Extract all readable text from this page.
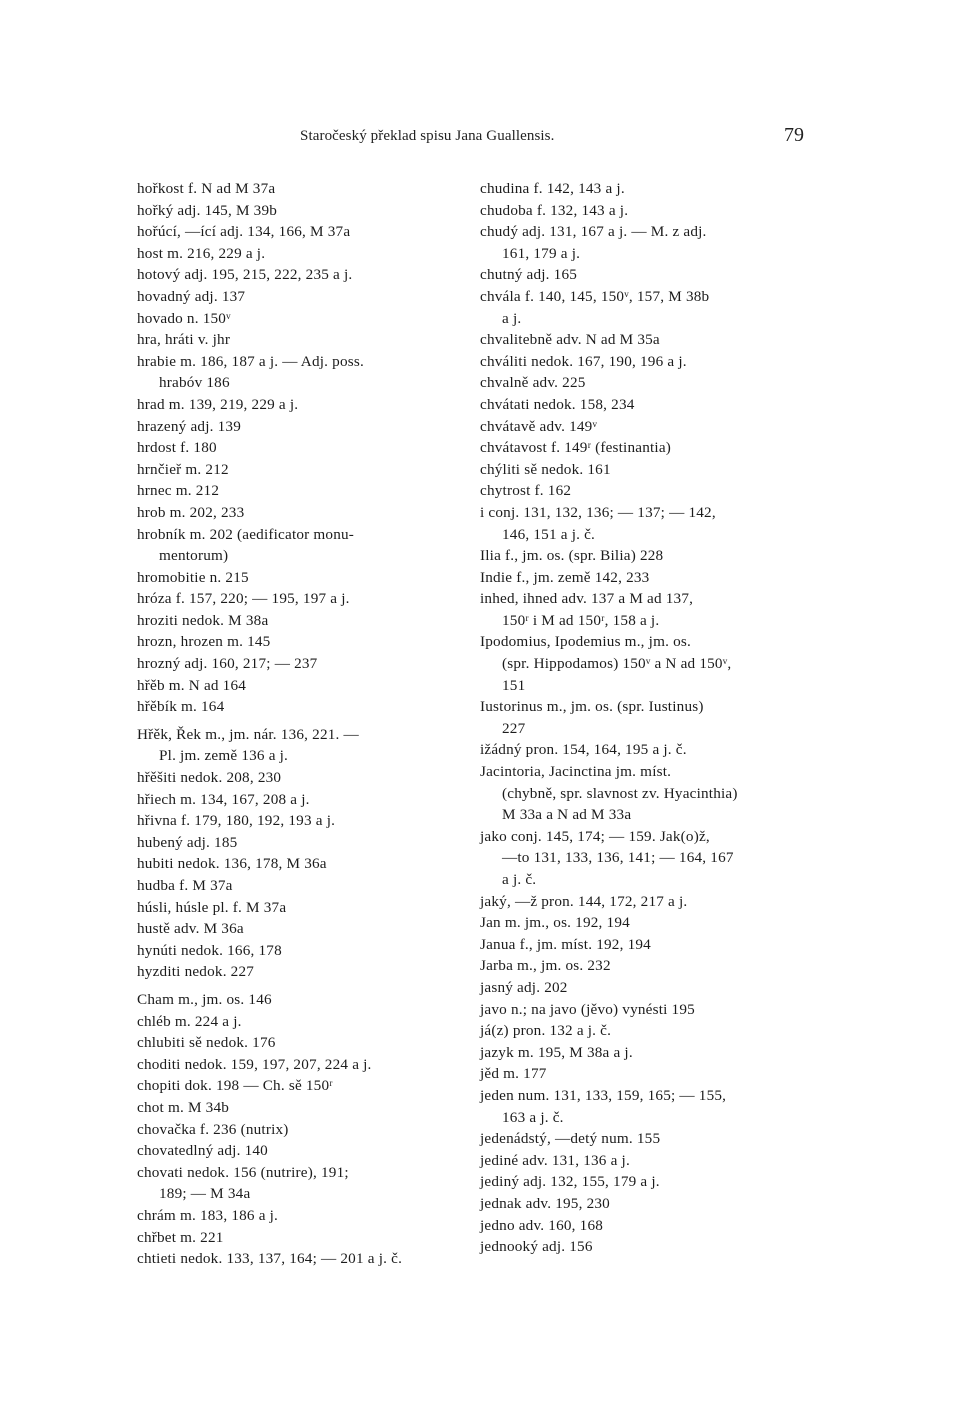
Staročeský překlad spisu Jana Guallensis.	79
hořkost f. N ad M 37a
hořký adj. 145, M 39b
hořúcí, —ící adj. 134, 166, M 37a
host m. 216, 229 a j.
hotový adj. 195, 215, 222, 235 a j.
hovadný adj. 137
hovado n. 150ᵛ
hra, hráti v. jhr
hrabie m. 186, 187 a j. — Adj. poss.
hrabóv 186
hrad m. 139, 219, 229 a j.
hrazený adj. 139
hrdost f. 180
hrnčieř m. 212
hrnec m. 212
hrob m. 202, 233
hrobník m. 202 (aedificator monu-
mentorum)
hromobitie n. 215
hróza f. 157, 220; — 195, 197 a j.
hroziti nedok. M 38a
hrozn, hrozen m. 145
hrozný adj. 160, 217; — 237
hřěb m. N ad 164
hřěbík m. 164
Hřěk, Řek m., jm. nár. 136, 221. —
Pl. jm. země 136 a j.
hřěšiti nedok. 208, 230
hřiech m. 134, 167, 208 a j.
hřivna f. 179, 180, 192, 193 a j.
hubený adj. 185
hubiti nedok. 136, 178, M 36a
hudba f. M 37a
húsli, húsle pl. f. M 37a
hustě adv. M 36a
hynúti nedok. 166, 178
hyzditi nedok. 227
Cham m., jm. os. 146
chléb m. 224 a j.
chlubiti sě nedok. 176
choditi nedok. 159, 197, 207, 224 a j.
chopiti dok. 198 — Ch. sě 150ʳ
chot m. M 34b
chovačka f. 236 (nutrix)
chovatedlný adj. 140
chovati nedok. 156 (nutrire), 191;
189; — M 34a
chrám m. 183, 186 a j.
chřbet m. 221
chtieti nedok. 133, 137, 164; — 201 a j. č.
chudina f. 142, 143 a j.
chudoba f. 132, 143 a j.
chudý adj. 131, 167 a j. — M. z adj.
161, 179 a j.
chutný adj. 165
chvála f. 140, 145, 150ᵛ, 157, M 38b
a j.
chvalitebně adv. N ad M 35a
chváliti nedok. 167, 190, 196 a j.
chvalně adv. 225
chvátati nedok. 158, 234
chvátavě adv. 149ᵛ
chvátavost f. 149ʳ (festinantia)
chýliti sě nedok. 161
chytrost f. 162
i conj. 131, 132, 136; — 137; — 142,
146, 151 a j. č.
Ilia f., jm. os. (spr. Bilia) 228
Indie f., jm. země 142, 233
inhed, ihned adv. 137 a M ad 137,
150ʳ i M ad 150ʳ, 158 a j.
Ipodomius, Ipodemius m., jm. os.
(spr. Hippodamos) 150ᵛ a N ad 150ᵛ,
151
Iustorinus m., jm. os. (spr. Iustinus)
227
ižádný pron. 154, 164, 195 a j. č.
Jacintoria, Jacinctina jm. míst.
(chybně, spr. slavnost zv. Hyacinthia)
M 33a a N ad M 33a
jako conj. 145, 174; — 159. Jak(o)ž,
—to 131, 133, 136, 141; — 164, 167
a j. č.
jaký, —ž pron. 144, 172, 217 a j.
Jan m. jm., os. 192, 194
Janua f., jm. míst. 192, 194
Jarba m., jm. os. 232
jasný adj. 202
javo n.; na javo (jěvo) vynésti 195
já(z) pron. 132 a j. č.
jazyk m. 195, M 38a a j.
jěd m. 177
jeden num. 131, 133, 159, 165; — 155,
163 a j. č.
jedenádstý, —detý num. 155
jediné adv. 131, 136 a j.
jediný adj. 132, 155, 179 a j.
jednak adv. 195, 230
jedno adv. 160, 168
jednooký adj. 156
